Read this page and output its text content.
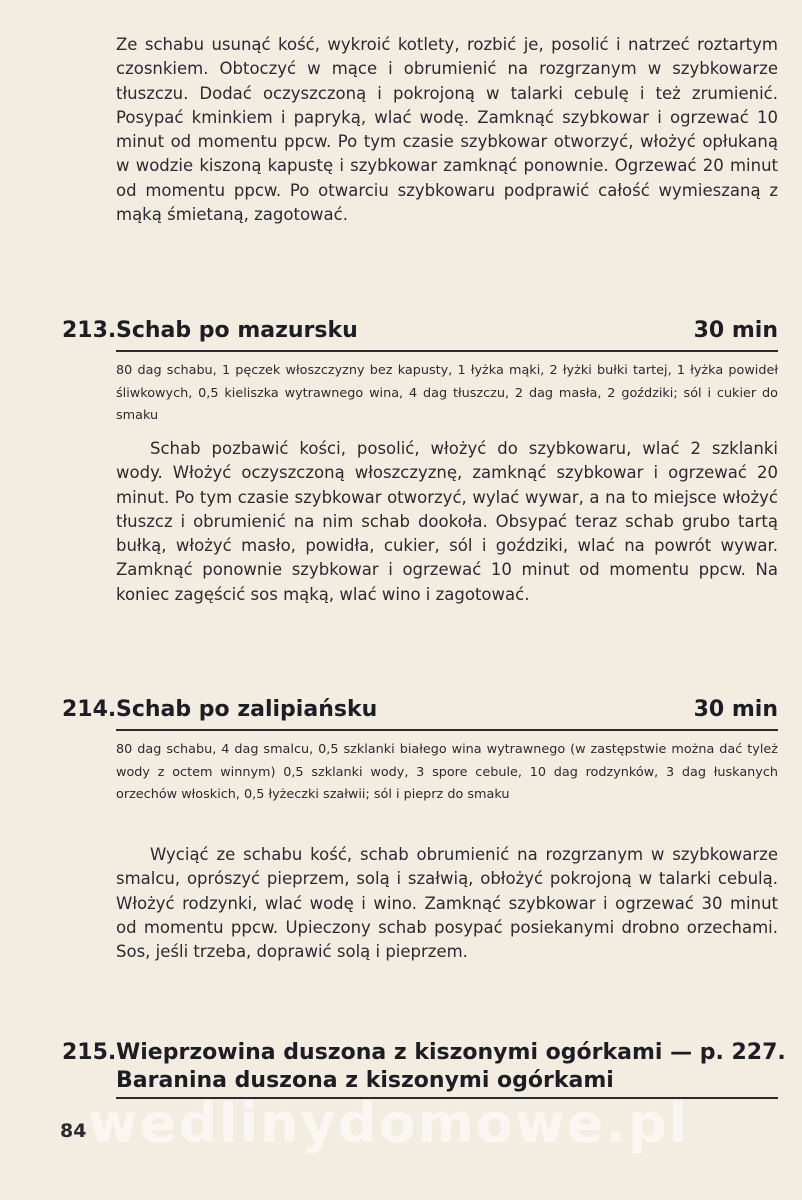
Ze schabu usunąć kość, wykroić kotlety, rozbić je, posolić i natrzeć roztartym czosnkiem. Obtoczyć w mące i obrumienić na rozgrzanym w szybkowarze tłuszczu. Dodać oczyszczoną i pokrojoną w talarki cebulę i też zrumienić. Posypać kminkiem i papryką, wlać wodę. Zamknąć szybkowar i ogrzewać 10 minut od momentu ppcw. Po tym czasie szybkowar otworzyć, włożyć opłukaną w wodzie kiszoną kapustę i szybkowar zamknąć ponownie. Ogrzewać 20 minut od momentu ppcw. Po otwarciu szybkowaru podprawić całość wymieszaną z mąką śmietaną, zagotować.

213. Schab po mazursku	30 min

80 dag schabu, 1 pęczek włoszczyzny bez kapusty, 1 łyżka mąki, 2 łyżki bułki tartej, 1 łyżka powideł śliwkowych, 0,5 kieliszka wytrawnego wina, 4 dag tłuszczu, 2 dag masła, 2 goździki; sól i cukier do smaku

Schab pozbawić kości, posolić, włożyć do szybkowaru, wlać 2 szklanki wody. Włożyć oczyszczoną włoszczyznę, zamknąć szybkowar i ogrzewać 20 minut. Po tym czasie szybkowar otworzyć, wylać wywar, a na to miejsce włożyć tłuszcz i obrumienić na nim schab dookoła. Obsypać teraz schab grubo tartą bułką, włożyć masło, powidła, cukier, sól i goździki, wlać na powrót wywar. Zamknąć ponownie szybkowar i ogrzewać 10 minut od momentu ppcw. Na koniec zagęścić sos mąką, wlać wino i zagotować.

214. Schab po zalipiańsku	30 min

80 dag schabu, 4 dag smalcu, 0,5 szklanki białego wina wytrawnego (w zastępstwie można dać tyleż wody z octem winnym) 0,5 szklanki wody, 3 spore cebule, 10 dag rodzynków, 3 dag łuskanych orzechów włoskich, 0,5 łyżeczki szałwii; sól i pieprz do smaku

Wyciąć ze schabu kość, schab obrumienić na rozgrzanym w szybkowarze smalcu, oprószyć pieprzem, solą i szałwią, obłożyć pokrojoną w talarki cebulą. Włożyć rodzynki, wlać wodę i wino. Zamknąć szybkowar i ogrzewać 30 minut od momentu ppcw. Upieczony schab posypać posiekanymi drobno orzechami. Sos, jeśli trzeba, doprawić solą i pieprzem.

215. Wieprzowina duszona z kiszonymi ogórkami — p. 227.
Baranina duszona z kiszonymi ogórkami
wedlinydomowe.pl
84
